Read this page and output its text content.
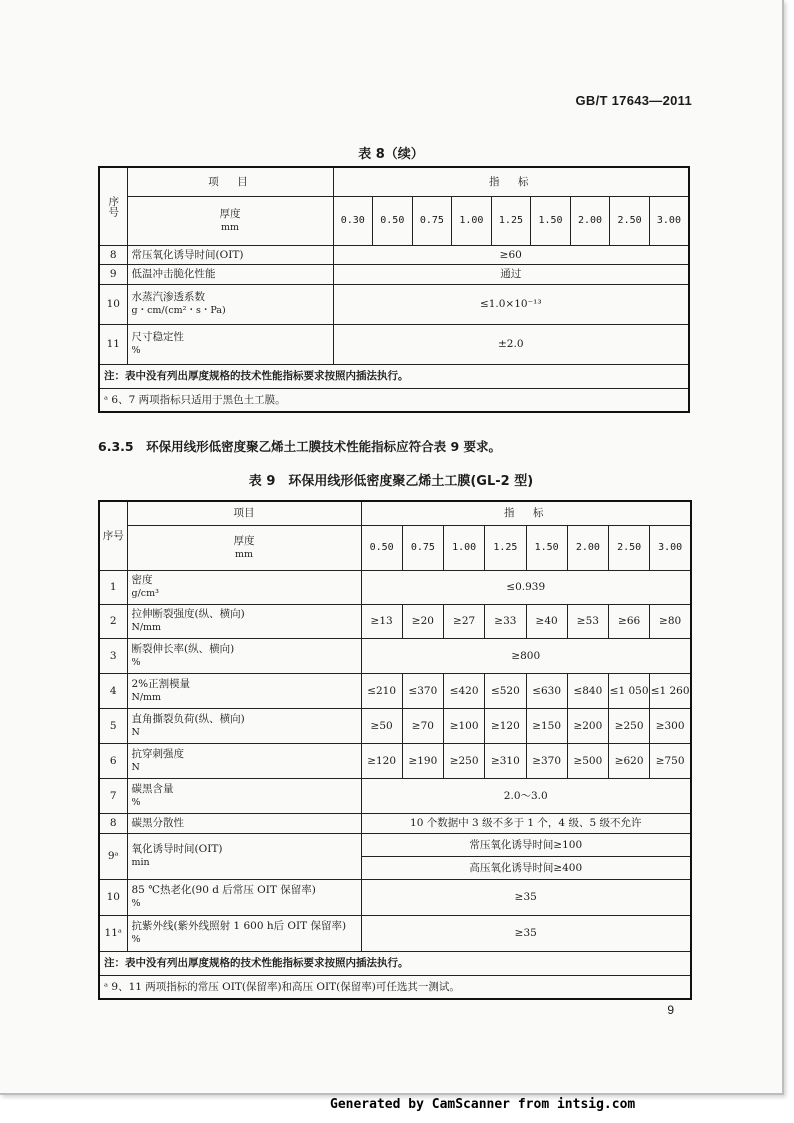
GB/T 17643—2011
表 8（续）
序号	项　目	指　标								
	厚度
mm	0.30	0.50	0.75	1.00	1.25	1.50	2.00	2.50	3.00
8	常压氧化诱导时间(OIT)	≥60								
9	低温冲击脆化性能	通过								
10	水蒸汽渗透系数
g・cm/(cm²・s・Pa)	≤1.0×10⁻¹³								
11	尺寸稳定性
%	±2.0								
注：表中没有列出厚度规格的技术性能指标要求按照内插法执行。										
ᵃ 6、7 两项指标只适用于黑色土工膜。										
6.3.5　环保用线形低密度聚乙烯土工膜技术性能指标应符合表 9 要求。
表 9　环保用线形低密度聚乙烯土工膜(GL-2 型)
序号	项目	指　标							
	厚度
mm	0.50	0.75	1.00	1.25	1.50	2.00	2.50	3.00
1	密度
g/cm³	≤0.939							
2	拉伸断裂强度(纵、横向)
N/mm	≥13	≥20	≥27	≥33	≥40	≥53	≥66	≥80
3	断裂伸长率(纵、横向)
%	≥800							
4	2%正割模量
N/mm	≤210	≤370	≤420	≤520	≤630	≤840	≤1 050	≤1 260
5	直角撕裂负荷(纵、横向)
N	≥50	≥70	≥100	≥120	≥150	≥200	≥250	≥300
6	抗穿刺强度
N	≥120	≥190	≥250	≥310	≥370	≥500	≥620	≥750
7	碳黑含量
%	2.0～3.0							
8	碳黑分散性	10 个数据中 3 级不多于 1 个，4 级、5 级不允许							
9ᵃ	氧化诱导时间(OIT)
min	常压氧化诱导时间≥100							
		高压氧化诱导时间≥400							
10	85 ℃热老化(90 d 后常压 OIT 保留率)
%	≥35							
11ᵃ	抗紫外线(紫外线照射 1 600 h后 OIT 保留率)
%	≥35							
注：表中没有列出厚度规格的技术性能指标要求按照内插法执行。									
ᵃ 9、11 两项指标的常压 OIT(保留率)和高压 OIT(保留率)可任选其一测试。									
9
Generated by CamScanner from intsig.com
